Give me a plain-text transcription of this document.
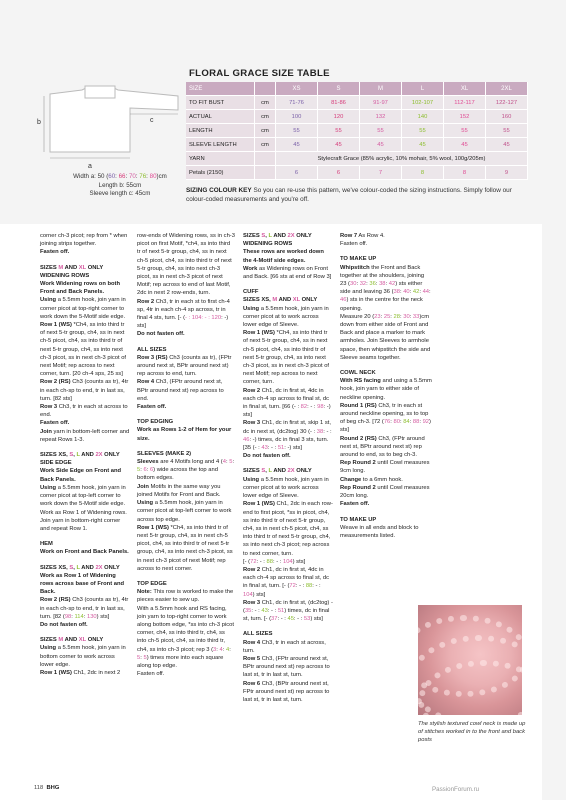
b
a
c
Width a: 50 (60: 66: 70: 76: 80)cm
Length b: 55cm
Sleeve length c: 45cm
FLORAL GRACE SIZE TABLE
SIZE		XS	S	M	L	XL	2XL
TO FIT BUST	cm	71-76	81-86	91-97	102-107	112-117	122-127
ACTUAL	cm	100	120	132	140	152	160
LENGTH	cm	55	55	55	55	55	55
SLEEVE LENGTH	cm	45	45	45	45	45	45
YARN		Stylecraft Grace (85% acrylic, 10% mohair, 5% wool, 100g/205m)					
Petals (2150)		6	6	7	8	8	9
SIZING COLOUR KEY So you can re-use this pattern, we've colour-coded the sizing instructions. Simply follow our colour-coded measurements and you're off.

corner ch-3 picot; rep from * when joining strips together.

Fasten off.

SIZES M AND XL ONLY
WIDENING ROWS
Work Widening rows on both Front and Back Panels.

Using a 5.5mm hook, join yarn in corner picot at top-right corner to work down the 5-Motif side edge.

Row 1 (WS) *Ch4, ss into third tr of next 5-tr group, ch4, ss in next ch-5 picot, ch4, ss into third tr of next 5-tr group, ch4, ss into next ch-3 picot, ss in next ch-3 picot of next Motif; rep across to next corner, turn. [20 ch-4 sps, 25 ss]

Row 2 (RS) Ch3 (counts as tr), 4tr in each ch-sp to end, tr in last ss, turn. [82 sts]

Row 3 Ch3, tr in each st across to end.

Fasten off.

Join yarn in bottom-left corner and repeat Rows 1-3.

SIZES XS, S, L AND 2X ONLY
SIDE EDGE
Work Side Edge on Front and Back Panels.

Using a 5.5mm hook, join yarn in corner picot at top-left corner to work down the 5-Motif side edge. Work as Row 1 of Widening rows. Join yarn in bottom-right corner and repeat Row 1.

HEM
Work on Front and Back Panels.

SIZES XS, S, L AND 2X ONLY
Work as Row 1 of Widening rows across base of Front and Back.

Row 2 (RS) Ch3 (counts as tr), 4tr in each ch-sp to end, tr in last ss, turn. [82 (98: 114: 130) sts]

Do not fasten off.

SIZES M AND XL ONLY

Using a 5.5mm hook, join yarn in bottom corner to work across lower edge.

Row 1 (WS) Ch1, 2dc in next 2

row-ends of Widening rows, ss in ch-3 picot on first Motif, *ch4, ss into third tr of next 5-tr group, ch4, ss in next ch-5 picot, ch4, ss into third tr of next 5-tr group, ch4, ss into next ch-3 picot, ss in next ch-3 picot of next Motif; rep across to end of last Motif, 2dc in next 2 row-ends, turn.

Row 2 Ch3, tr in each st to first ch-4 sp, 4tr in each ch-4 sp across, tr in final 4 sts, turn. [- (- : 104: - : 120: -) sts]

Do not fasten off.

ALL SIZES

Row 3 (RS) Ch3 (counts as tr), (FPtr around next st, BPtr around next st) rep across to end, turn.

Row 4 Ch3, (FPtr around next st, BPtr around next st) rep across to end.

Fasten off.

TOP EDGING
Work as Rows 1-2 of Hem for your size.

SLEEVES (MAKE 2)

Sleeves are 4 Motifs long and 4 (4: 5: 5: 6: 6) wide across the top and bottom edges.

Join Motifs in the same way you joined Motifs for Front and Back.

Using a 5.5mm hook, join yarn in corner picot at top-left corner to work across top edge.

Row 1 (WS) *Ch4, ss into third tr of next 5-tr group, ch4, ss in next ch-5 picot, ch4, ss into third tr of next 5-tr group, ch4, ss into next ch-3 picot, ss in next ch-3 picot of next Motif; rep across to next corner.

TOP EDGE

Note: This row is worked to make the pieces easier to sew up.

With a 5.5mm hook and RS facing, join yarn to top-right corner to work along bottom edge, *ss into ch-3 picot corner, ch4, ss into third tr, ch4, ss into ch-5 picot, ch4, ss into third tr, ch4, ss into ch-3 picot; rep 3 (3: 4: 4: 5: 5) times more into each square along top edge.

Fasten off.

SIZES S, L AND 2X ONLY
WIDENING ROWS
These rows are worked down the 4-Motif side edges.

Work as Widening rows on Front and Back. [66 sts at end of Row 3]

CUFF
SIZES XS, M AND XL ONLY

Using a 5.5mm hook, join yarn in corner picot at to work across lower edge of Sleeve.

Row 1 (WS) *Ch4, ss into third tr of next 5-tr group, ch4, ss in next ch-5 picot, ch4, ss into third tr of next 5-tr group, ch4, ss into next ch-3 picot, ss in next ch-3 picot of next Motif; rep across to next corner, turn.

Row 2 Ch1, dc in first st, 4dc in each ch-4 sp across to final st, dc in final st, turn. [66 (- : 82: - : 98: -) sts]

Row 3 Ch1, dc in first st, skip 1 st, dc in next st, (dc2tog) 30 (- : 38: - : 46: -) times, dc in final 3 sts, turn. [35 (- : 43: - : 51: -) sts]

Do not fasten off.

SIZES S, L AND 2X ONLY

Using a 5.5mm hook, join yarn in corner picot at to work across lower edge of Sleeve.

Row 1 (WS) Ch1, 2dc in each row-end to first picot, *ss in picot, ch4, ss into third tr of next 5-tr group, ch4, ss in next ch-5 picot, ch4, ss into third tr of next 5-tr group, ch4, ss into next ch-3 picot; rep across to next corner, turn.

[- (72: - : 88: - : 104) sts]

Row 2 Ch1, dc in first st, 4dc in each ch-4 sp across to final st, dc in final st, turn. [- (72: - : 88: - : 104) sts]

Row 3 Ch1, dc in first st, (dc2tog) - (35: - : 43: - : 51) times, dc in final st, turn. [- (37: - : 45: - : 53) sts]

ALL SIZES

Row 4 Ch3, tr in each st across, turn.

Row 5 Ch3, (FPtr around next st, BPtr around next st) rep across to last st, tr in last st, turn.

Row 6 Ch3, (BPtr around next st, FPtr around next st) rep across to last st, tr in last st, turn.

Row 7 As Row 4.

Fasten off.

TO MAKE UP

Whipstitch the Front and Back together at the shoulders, joining 23 (30: 32: 36: 38: 42) sts either side and leaving 36 (38: 40: 42: 44: 46) sts in the centre for the neck opening.

Measure 20 (23: 25: 28: 30: 33)cm down from either side of Front and Back and place a marker to mark armholes. Join Sleeves to armhole space, then whipstitch the side and Sleeve seams together.

COWL NECK

With RS facing and using a 5.5mm hook, join yarn to either side of neckline opening.

Round 1 (RS) Ch3, tr in each st around neckline opening, ss to top of beg ch-3. [72 (76: 80: 84: 88: 92) sts]

Round 2 (RS) Ch3, (FPtr around next st, BPtr around next st) rep around to end, ss to beg ch-3.

Rep Round 2 until Cowl measures 9cm long.

Change to a 6mm hook.

Rep Round 2 until Cowl measures 20cm long.

Fasten off.

TO MAKE UP

Weave in all ends and block to measurements listed.

The stylish textured cowl neck is made up of stitches worked in to the front and back posts
118 BHG	PassionForum.ru
